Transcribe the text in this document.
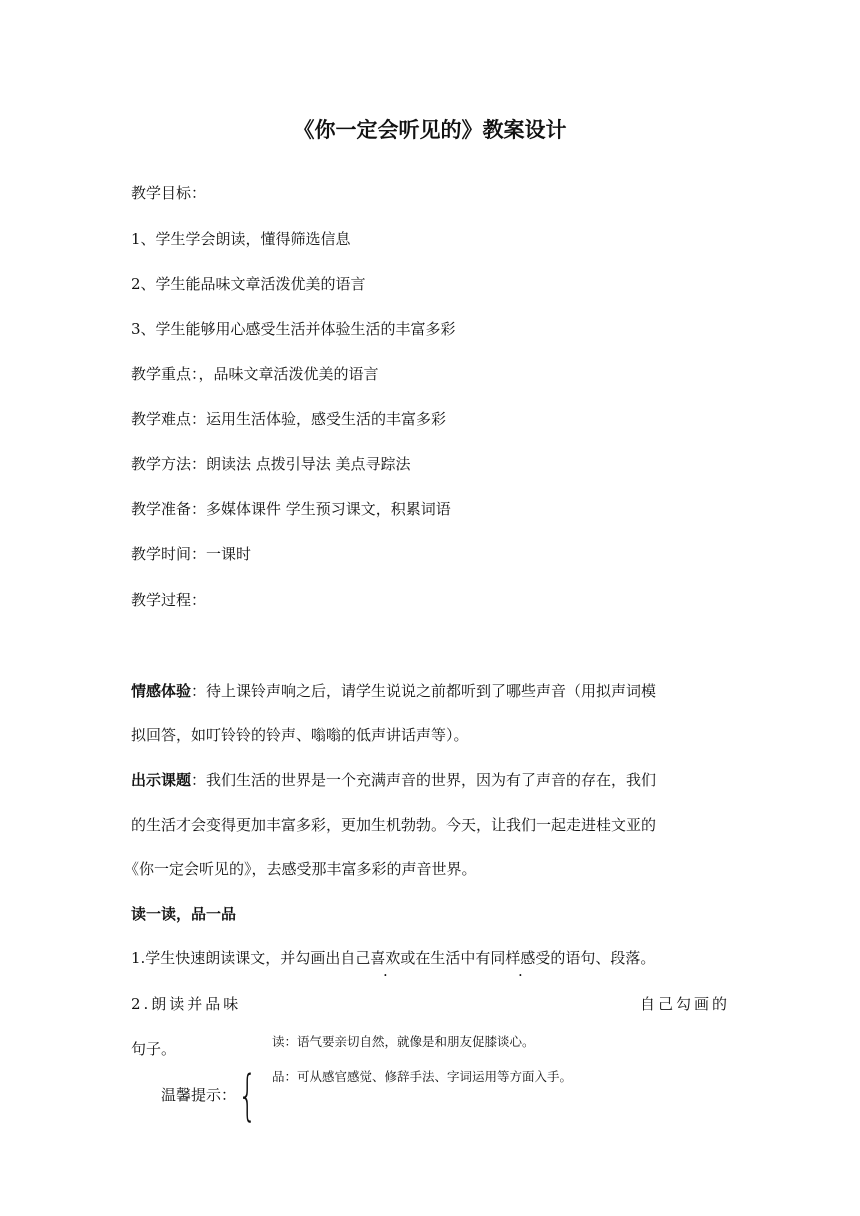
《你一定会听见的》教案设计
教学目标：
1、学生学会朗读，懂得筛选信息
2、学生能品味文章活泼优美的语言
3、学生能够用心感受生活并体验生活的丰富多彩
教学重点：，品味文章活泼优美的语言
教学难点：运用生活体验，感受生活的丰富多彩
教学方法：朗读法 点拨引导法 美点寻踪法
教学准备：多媒体课件 学生预习课文，积累词语
教学时间：一课时
教学过程：
情感体验：待上课铃声响之后，请学生说说之前都听到了哪些声音（用拟声词模
拟回答，如叮铃铃的铃声、嗡嗡的低声讲话声等）。
出示课题：我们生活的世界是一个充满声音的世界，因为有了声音的存在，我们
的生活才会变得更加丰富多彩，更加生机勃勃。今天，让我们一起走进桂文亚的
《你一定会听见的》，去感受那丰富多彩的声音世界。
读一读，品一品
1.学生快速朗读课文，并勾画出自己喜欢或在生活中有同样感受的语句、段落。
2.朗读并品味	自己勾画的
句子。	读：语气要亲切自然，就像是和朋友促膝谈心。
品：可从感官感觉、修辞手法、字词运用等方面入手。
温馨提示： {
